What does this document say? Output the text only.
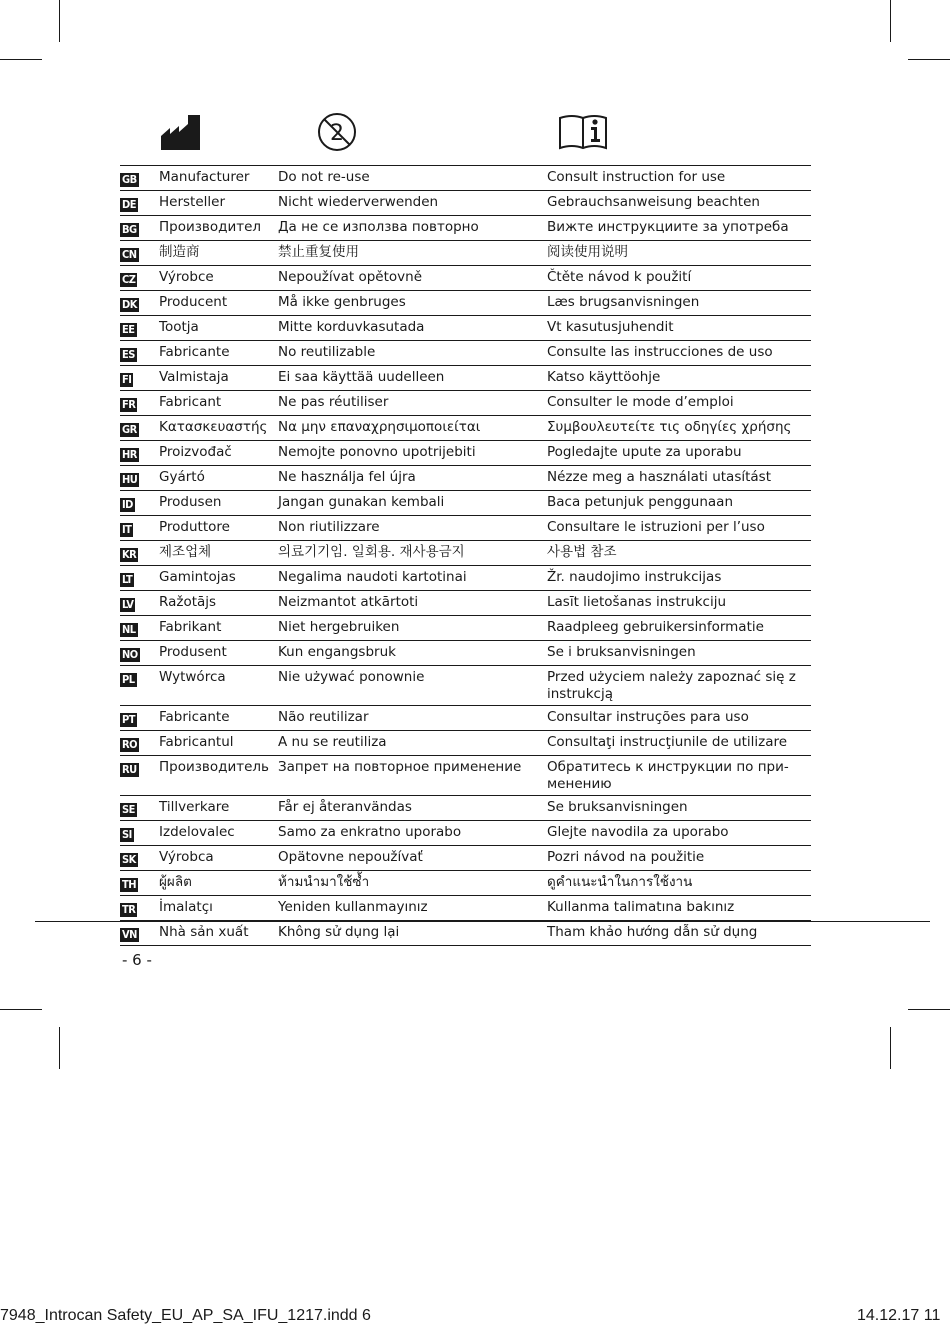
2
GB	Manufacturer	Do not re-use	Consult instruction for use
DE	Hersteller	Nicht wiederverwenden	Gebrauchsanweisung beachten
BG	Производител	Да не се използва повторно	Вижте инструкциите за употреба
CN	制造商	禁止重复使用	阅读使用说明
CZ	Výrobce	Nepoužívat opětovně	Čtěte návod k použití
DK	Producent	Må ikke genbruges	Læs brugsanvisningen
EE	Tootja	Mitte korduvkasutada	Vt kasutusjuhendit
ES	Fabricante	No reutilizable	Consulte las instrucciones de uso
FI	Valmistaja	Ei saa käyttää uudelleen	Katso käyttöohje
FR	Fabricant	Ne pas réutiliser	Consulter le mode d’emploi
GR	Κατασκευαστής	Να μην επαναχρησιμοποιείται	Συμβουλευτείτε τις οδηγίες χρήσης
HR	Proizvođač	Nemojte ponovno upotrijebiti	Pogledajte upute za uporabu
HU	Gyártó	Ne használja fel újra	Nézze meg a használati utasítást
ID	Produsen	Jangan gunakan kembali	Baca petunjuk penggunaan
IT	Produttore	Non riutilizzare	Consultare le istruzioni per l’uso
KR	제조업체	의료기기임. 일회용. 재사용금지	사용법 참조
LT	Gamintojas	Negalima naudoti kartotinai	Žr. naudojimo instrukcijas
LV	Ražotājs	Neizmantot atkārtoti	Lasīt lietošanas instrukciju
NL	Fabrikant	Niet hergebruiken	Raadpleeg gebruikersinformatie
NO	Produsent	Kun engangsbruk	Se i bruksanvisningen
PL	Wytwórca	Nie używać ponownie	Przed użyciem należy zapoznać się z instrukcją
PT	Fabricante	Não reutilizar	Consultar instruções para uso
RO	Fabricantul	A nu se reutiliza	Consultaţi instrucţiunile de utilizare
RU	Производитель	Запрет на повторное применение	Обратитесь к инструкции по при-менению
SE	Tillverkare	Får ej återanvändas	Se bruksanvisningen
SI	Izdelovalec	Samo za enkratno uporabo	Glejte navodila za uporabo
SK	Výrobca	Opätovne nepoužívať	Pozri návod na použitie
TH	ผู้ผลิต	ห้ามนำมาใช้ซ้ำ	ดูคำแนะนำในการใช้งาน
TR	İmalatçı	Yeniden kullanmayınız	Kullanma talimatına bakınız
VN	Nhà sản xuất	Không sử dụng lại	Tham khảo hướng dẫn sử dụng
- 6 -
7948_Introcan Safety_EU_AP_SA_IFU_1217.indd 6	14.12.17 11
